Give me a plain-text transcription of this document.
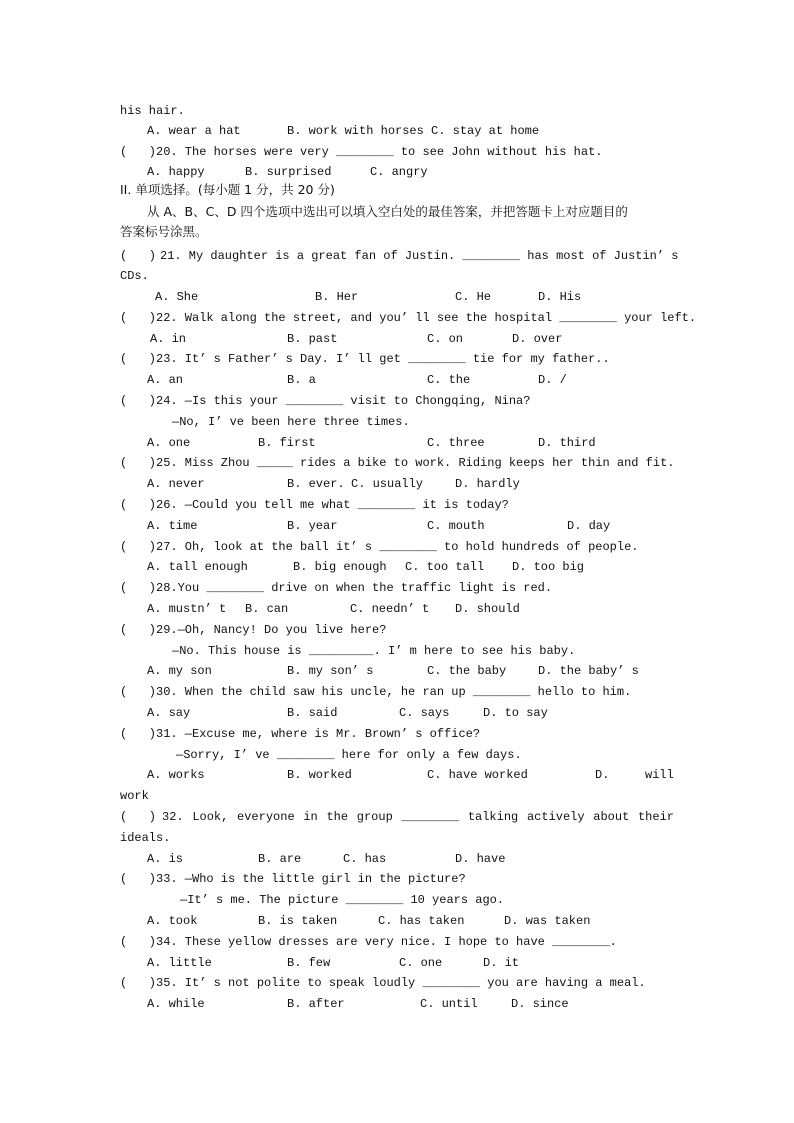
his hair.

A. wear a hat

	B. work with horses C. stay at home

(   ) 20. The horses were very ________ to see John without his hat.

A. happy

	B. surprised

	C. angry

II. 单项选择。(每小题 1 分，共 20 分)
从 A、B、C、D 四个选项中选出可以填入空白处的最佳答案，并把答题卡上对应题目的
答案标号涂黑。
(   ) 21. My daughter is a great fan of Justin. ________ has most of Justin’ s
CDs.

A. She

	B. Her

	C. He

	D. His

(   ) 22. Walk along the street, and you’ ll see the hospital ________ your left.

A. in

	B. past

	C. on

	D. over

(   ) 23. It’ s Father’ s Day. I’ ll get ________ tie for my father..

A. an

	B. a

	C. the

	D. /

(   ) 24. —Is this your ________ visit to Chongqing, Nina?
—No, I’ ve been here three times.

A. one

	B. first

	C. three

	D. third

(   ) 25. Miss Zhou _____ rides a bike to work. Riding keeps her thin and fit.

A. never

	B. ever.

C. usually

	D. hardly

(   ) 26. —Could you tell me what ________ it is today?

A. time

	B. year

	C. mouth

	D. day

(   ) 27. Oh, look at the ball it’ s ________ to hold hundreds of people.

A. tall enough

	B. big enough

C. too tall

D. too big

(   ) 28.You ________ drive on when the traffic light is red.

A. mustn’ t

B. can

	C. needn’ t

D. should

(   ) 29.—Oh, Nancy! Do you live here?
—No. This house is _________. I’ m here to see his baby.

A. my son

	B. my son’ s

	C. the baby

	D. the baby’ s

(   ) 30. When the child saw his uncle, he ran up ________ hello to him.

A. say

	B. said

	C. says

	D. to say

(   ) 31. —Excuse me, where is Mr. Brown’ s office?
—Sorry, I’ ve ________ here for only a few days.

A. works

	B. worked

	C. have worked

	D.

	will

work
(   ) 32. Look, everyone in the group ________ talking actively about their
ideals.

A. is

	B. are

	C. has

	D. have

(   ) 33. —Who is the little girl in the picture?
—It’ s me. The picture ________ 10 years ago.

A. took

	B. is taken

	C. has taken

	D. was taken

(   ) 34. These yellow dresses are very nice. I hope to have ________.

A. little

	B. few

	C. one

	D. it

(   ) 35. It’ s not polite to speak loudly ________ you are having a meal.

A. while

	B. after

	C. until

	D. since
